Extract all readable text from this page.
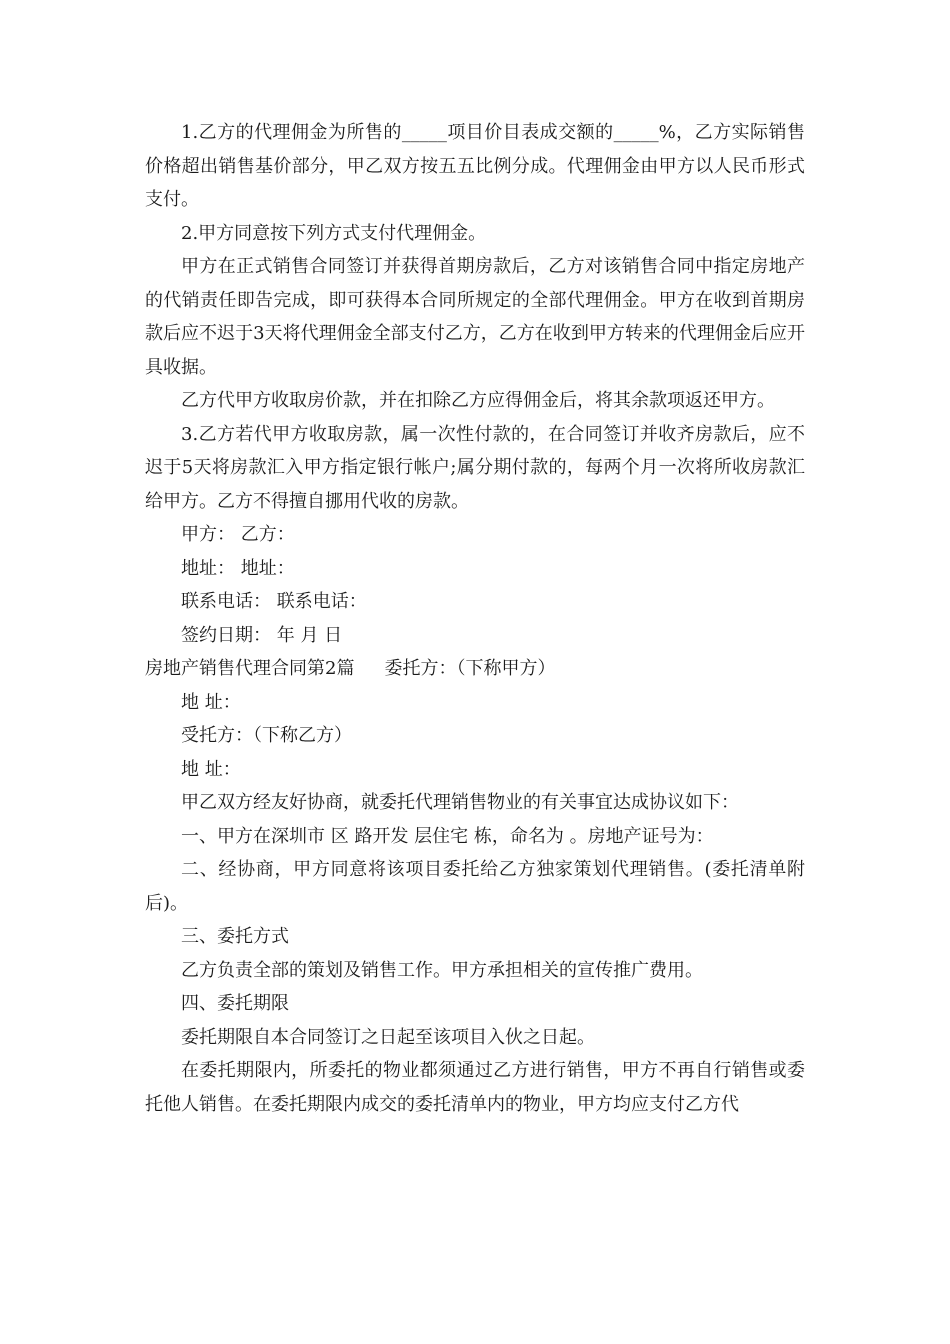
1.乙方的代理佣金为所售的_____项目价目表成交额的_____%，乙方实际销售价格超出销售基价部分，甲乙双方按五五比例分成。代理佣金由甲方以人民币形式支付。

2.甲方同意按下列方式支付代理佣金。

甲方在正式销售合同签订并获得首期房款后，乙方对该销售合同中指定房地产的代销责任即告完成，即可获得本合同所规定的全部代理佣金。甲方在收到首期房款后应不迟于3天将代理佣金全部支付乙方，乙方在收到甲方转来的代理佣金后应开具收据。

乙方代甲方收取房价款，并在扣除乙方应得佣金后，将其余款项返还甲方。

3.乙方若代甲方收取房款，属一次性付款的，在合同签订并收齐房款后，应不迟于5天将房款汇入甲方指定银行帐户;属分期付款的，每两个月一次将所收房款汇给甲方。乙方不得擅自挪用代收的房款。

甲方： 乙方：

地址： 地址：

联系电话： 联系电话：

签约日期： 年 月 日

房地产销售代理合同第2篇 委托方：（下称甲方）

地 址：

受托方：（下称乙方）

地 址：

甲乙双方经友好协商，就委托代理销售物业的有关事宜达成协议如下：

一、甲方在深圳市 区 路开发 层住宅 栋，命名为 。房地产证号为：

二、经协商，甲方同意将该项目委托给乙方独家策划代理销售。(委托清单附后)。

三、委托方式

乙方负责全部的策划及销售工作。甲方承担相关的宣传推广费用。

四、委托期限

委托期限自本合同签订之日起至该项目入伙之日起。

在委托期限内，所委托的物业都须通过乙方进行销售，甲方不再自行销售或委托他人销售。在委托期限内成交的委托清单内的物业，甲方均应支付乙方代
